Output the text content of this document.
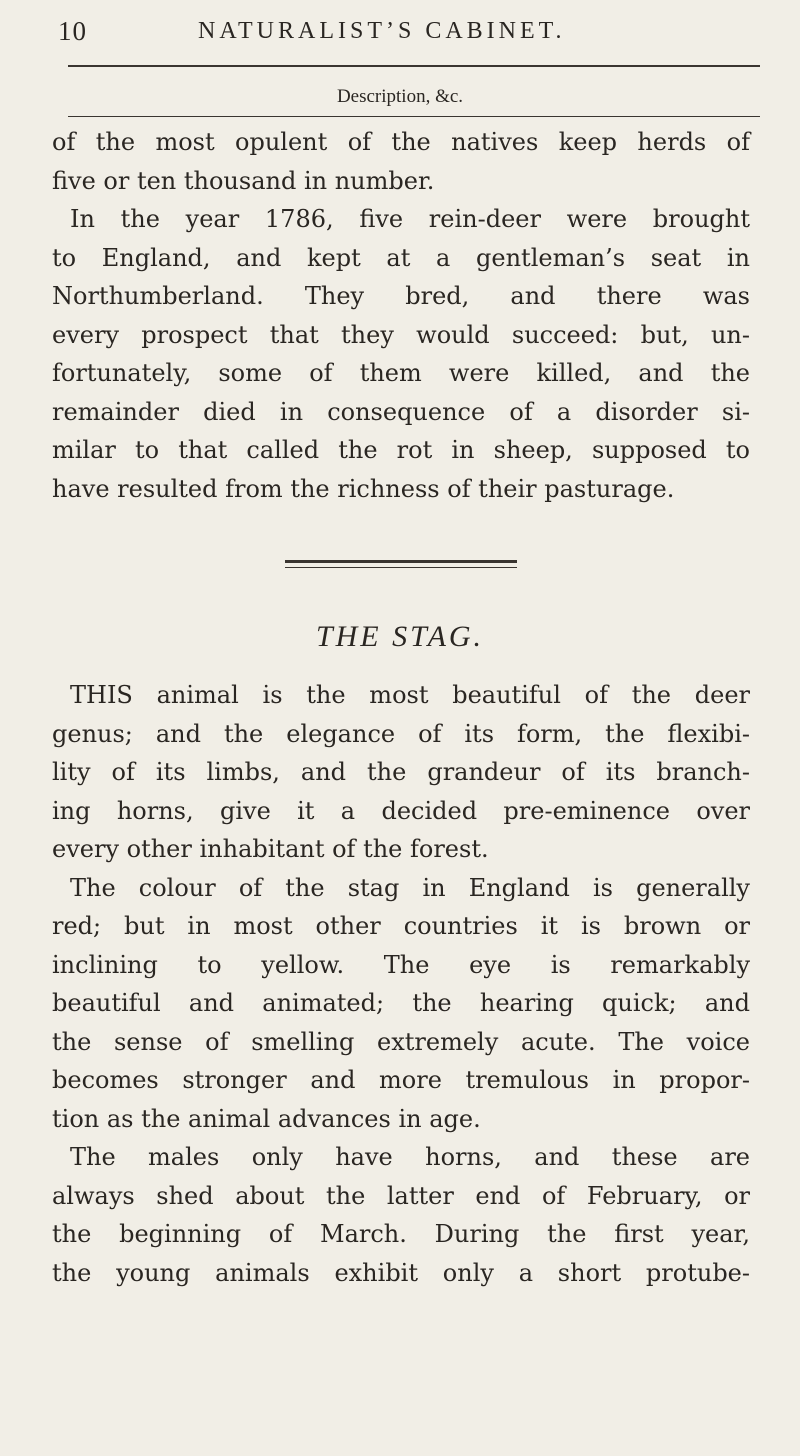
10	NATURALIST’S CABINET.
Description, &c.

of the most opulent of the natives keep herds of
five or ten thousand in number.

In the year 1786, five rein-deer were brought
to England, and kept at a gentleman’s seat in
Northumberland. They bred, and there was
every prospect that they would succeed: but, un-
fortunately, some of them were killed, and the
remainder died in consequence of a disorder si-
milar to that called the rot in sheep, supposed to
have resulted from the richness of their pasturage.

THE STAG.

THIS animal is the most beautiful of the deer
genus; and the elegance of its form, the flexibi-
lity of its limbs, and the grandeur of its branch-
ing horns, give it a decided pre-eminence over
every other inhabitant of the forest.

The colour of the stag in England is generally
red; but in most other countries it is brown or
inclining to yellow. The eye is remarkably
beautiful and animated; the hearing quick; and
the sense of smelling extremely acute. The voice
becomes stronger and more tremulous in propor-
tion as the animal advances in age.

The males only have horns, and these are
always shed about the latter end of February, or
the beginning of March. During the first year,
the young animals exhibit only a short protube-
